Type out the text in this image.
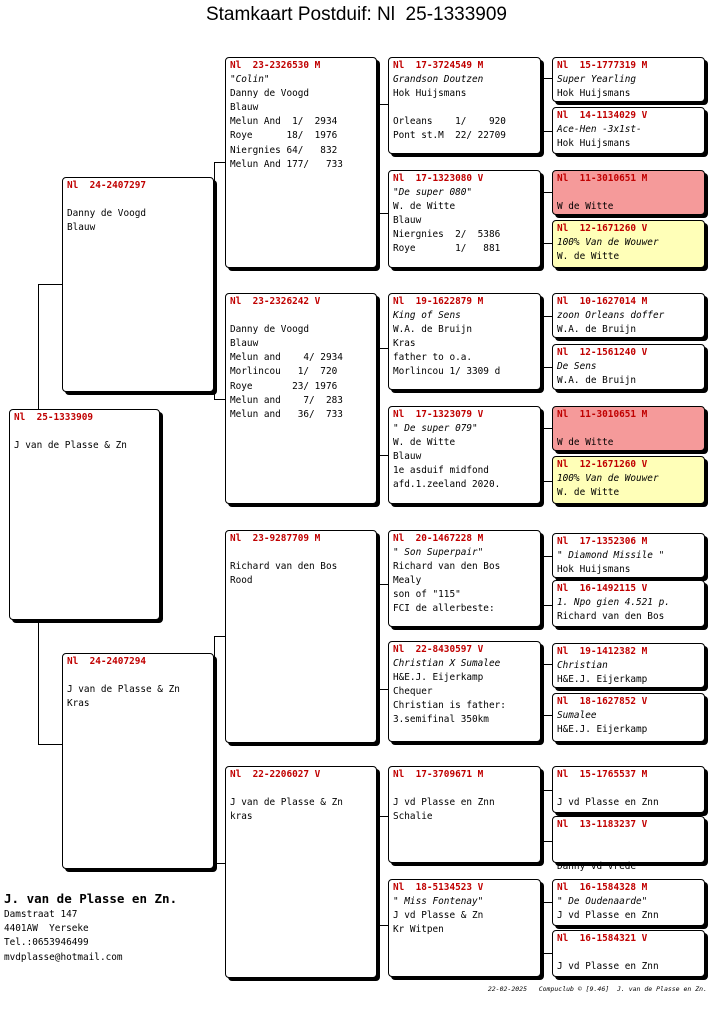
Stamkaart Postduif: Nl  25-1333909
Nl  25-1333909
J van de Plasse & Zn
Nl  24-2407297
Danny de Voogd
Blauw
Nl  24-2407294
J van de Plasse & Zn
Kras
Nl  23-2326530 M
"Colin"
Danny de Voogd
Blauw
Melun And  1/  2934
Roye      18/  1976
Niergnies 64/   832
Melun And 177/   733
Nl  23-2326242 V
Danny de Voogd
Blauw
Melun and    4/ 2934
Morlincou   1/  720
Roye       23/ 1976
Melun and    7/  283
Melun and   36/  733
Nl  23-9287709 M
Richard van den Bos
Rood
Nl  22-2206027 V
J van de Plasse & Zn
kras
Nl  17-3724549 M
Grandson Doutzen
Hok Huijsmans
Orleans    1/    920
Pont st.M  22/ 22709
Nl  17-1323080 V
"De super 080"
W. de Witte
Blauw
Niergnies  2/  5386
Roye       1/   881
Nl  19-1622879 M
King of Sens
W.A. de Bruijn
Kras
father to o.a.
Morlincou 1/ 3309 d
Nl  17-1323079 V
" De super 079"
W. de Witte
Blauw
1e asduif midfond
afd.1.zeeland 2020.
Nl  20-1467228 M
" Son Superpair"
Richard van den Bos
Mealy
son of "115"
FCI de allerbeste:
Nl  22-8430597 V
Christian X Sumalee
H&E.J. Eijerkamp
Chequer
Christian is father:
3.semifinal 350km
Nl  17-3709671 M
J vd Plasse en Znn
Schalie
Nl  18-5134523 V
" Miss Fontenay"
J vd Plasse & Zn
Kr Witpen
Nl  15-1777319 M
Super Yearling
Hok Huijsmans
Nl  14-1134029 V
Ace-Hen -3x1st-
Hok Huijsmans
Nl  11-3010651 M
W de Witte
Nl  12-1671260 V
100% Van de Wouwer
W. de Witte
Nl  10-1627014 M
zoon Orleans doffer
W.A. de Bruijn
Nl  12-1561240 V
De Sens
W.A. de Bruijn
Nl  11-3010651 M
W de Witte
Nl  12-1671260 V
100% Van de Wouwer
W. de Witte
Nl  17-1352306 M
" Diamond Missile "
Hok Huijsmans
Nl  16-1492115 V
1. Npo gien 4.521 p.
Richard van den Bos
Nl  19-1412382 M
Christian
H&E.J. Eijerkamp
Nl  18-1627852 V
Sumalee
H&E.J. Eijerkamp
Nl  15-1765537 M
J vd Plasse en Znn
Nl  13-1183237 V
Danny vd Vrede
Nl  16-1584328 M
" De Oudenaarde"
J vd Plasse en Znn
Nl  16-1584321 V
J vd Plasse en Znn
J. van de Plasse en Zn.
Damstraat 147
4401AW  Yerseke
Tel.:0653946499
mvdplasse@hotmail.com
22-02-2025   Compuclub © [9.46]  J. van de Plasse en Zn.
